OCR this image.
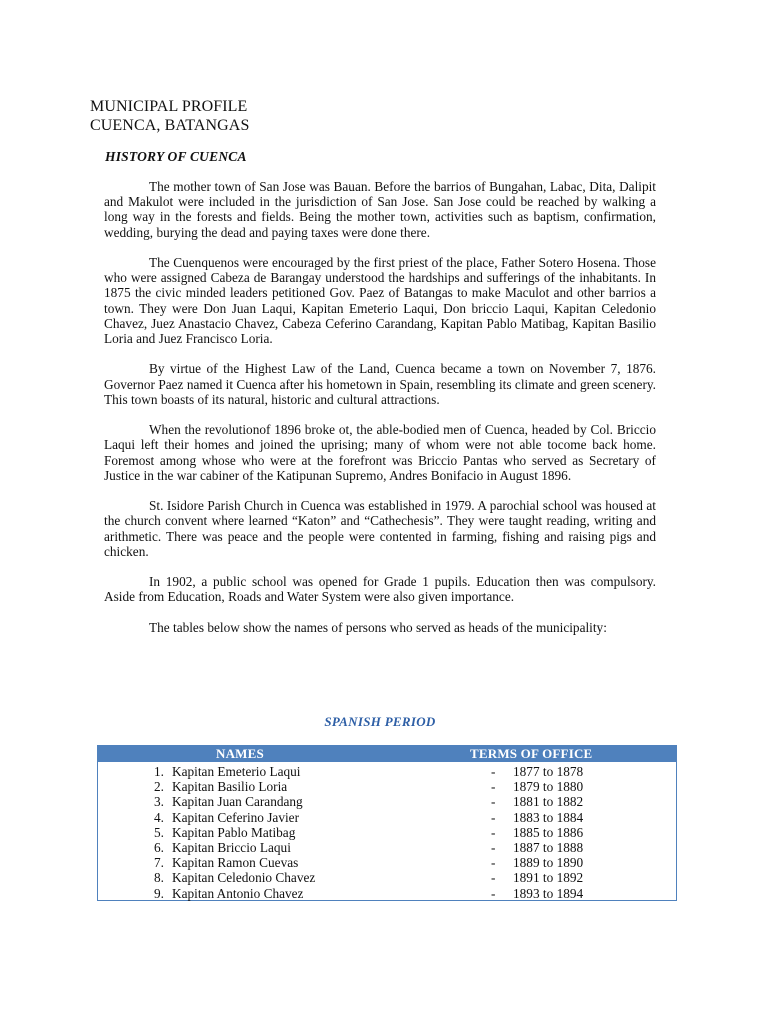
MUNICIPAL PROFILE
CUENCA, BATANGAS
HISTORY OF CUENCA

The mother town of San Jose was Bauan. Before the barrios of Bungahan, Labac, Dita, Dalipit and Makulot were included in the jurisdiction of San Jose. San Jose could be reached by walking a long way in the forests and fields. Being the mother town, activities such as baptism, confirmation, wedding, burying the dead and paying taxes were done there.

The Cuenquenos were encouraged by the first priest of the place, Father Sotero Hosena. Those who were assigned Cabeza de Barangay understood the hardships and sufferings of the inhabitants. In 1875 the civic minded leaders petitioned Gov. Paez of Batangas to make Maculot and other barrios a town. They were Don Juan Laqui, Kapitan Emeterio Laqui, Don briccio Laqui, Kapitan Celedonio Chavez, Juez Anastacio Chavez, Cabeza Ceferino Carandang, Kapitan Pablo Matibag, Kapitan Basilio Loria and Juez Francisco Loria.

By virtue of the Highest Law of the Land, Cuenca became a town on November 7, 1876. Governor Paez named it Cuenca after his hometown in Spain, resembling its climate and green scenery. This town boasts of its natural, historic and cultural attractions.

When the revolutionof 1896 broke ot, the able-bodied men of Cuenca, headed by Col. Briccio Laqui left their homes and joined the uprising; many of whom were not able tocome back home. Foremost among whose who were at the forefront was Briccio Pantas who served as Secretary of Justice in the war cabiner of the Katipunan Supremo, Andres Bonifacio in August 1896.

St. Isidore Parish Church in Cuenca was established in 1979. A parochial school was housed at the church convent where learned “Katon” and “Cathechesis”. They were taught reading, writing and arithmetic. There was peace and the people were contented in farming, fishing and raising pigs and chicken.

In 1902, a public school was opened for Grade 1 pupils. Education then was compulsory. Aside from Education, Roads and Water System were also given importance.

The tables below show the names of persons who served as heads of the municipality:

SPANISH PERIOD
NAMES	TERMS OF OFFICE
1. Kapitan Emeterio Laqui	- 1877 to 1878
2. Kapitan Basilio Loria	- 1879 to 1880
3. Kapitan Juan Carandang	- 1881 to 1882
4. Kapitan Ceferino Javier	- 1883 to 1884
5. Kapitan Pablo Matibag	- 1885 to 1886
6. Kapitan Briccio Laqui	- 1887 to 1888
7. Kapitan Ramon Cuevas	- 1889 to 1890
8. Kapitan Celedonio Chavez	- 1891 to 1892
9. Kapitan Antonio Chavez	- 1893 to 1894
